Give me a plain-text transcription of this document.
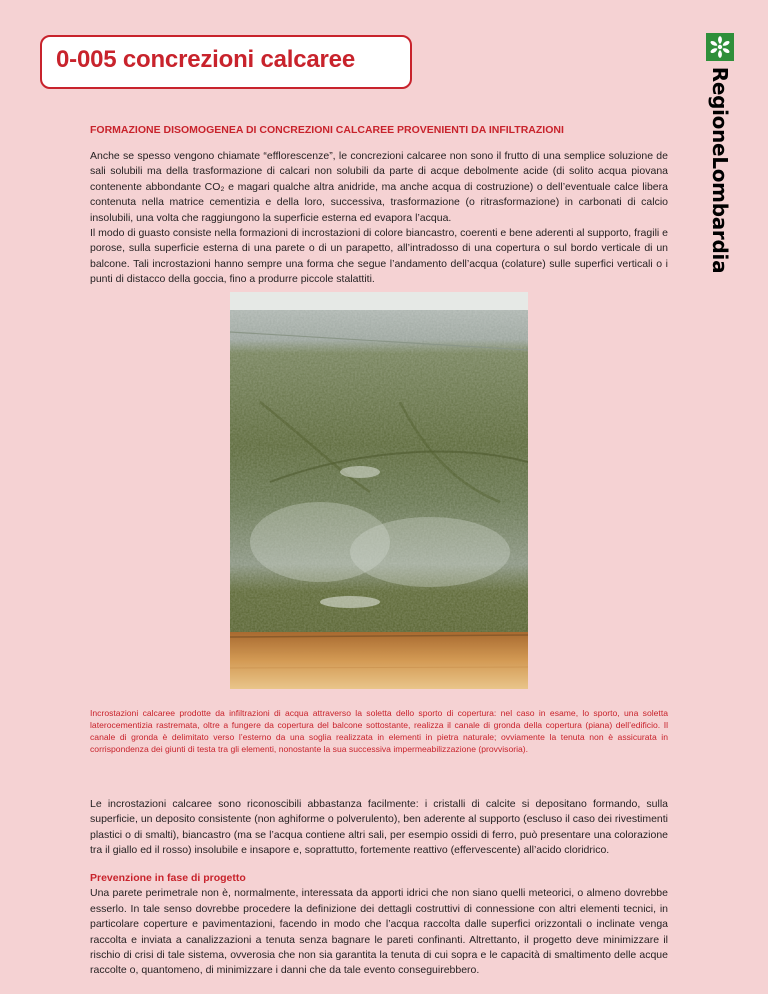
0-005 concrezioni calcaree
RegioneLombardia
FORMAZIONE DISOMOGENEA DI CONCREZIONI CALCAREE PROVENIENTI DA INFILTRAZIONI

Anche se spesso vengono chiamate “efflorescenze”, le concrezioni calcaree non sono il frutto di una semplice soluzione de sali solubili ma della trasformazione di calcari non solubili da parte di acque debolmente acide (di solito acqua piovana contenente abbondante CO₂ e magari qualche altra anidride, ma anche acqua di costruzione) o dell’eventuale calce libera contenuta nella matrice cementizia e della loro, successiva, trasformazione (o ritrasformazione) in carbonati di calcio insolubili, una volta che raggiungono la superficie esterna ed evapora l’acqua.

Il modo di guasto consiste nella formazioni di incrostazioni di colore biancastro, coerenti e bene aderenti al supporto, fragili e porose, sulla superficie esterna di una parete o di un parapetto, all’intradosso di una copertura o sul bordo verticale di un balcone. Tali incrostazioni hanno sempre una forma che segue l’andamento dell’acqua (colature) sulle superfici verticali o i punti di distacco della goccia, fino a produrre piccole stalattiti.

Incrostazioni calcaree prodotte da infiltrazioni di acqua attraverso la soletta dello sporto di copertura: nel caso in esame, lo sporto, una soletta laterocementizia rastremata, oltre a fungere da copertura del balcone sottostante, realizza il canale di gronda della copertura (piana) dell’edificio. Il canale di gronda è delimitato verso l’esterno da una soglia realizzata in elementi in pietra naturale; ovviamente la tenuta non è assicurata in corrispondenza dei giunti di testa tra gli elementi, nonostante la sua successiva impermeabilizzazione (provvisoria).

Le incrostazioni calcaree sono riconoscibili abbastanza facilmente: i cristalli di calcite si depositano formando, sulla superficie, un deposito consistente (non aghiforme o polverulento), ben aderente al supporto (escluso il caso dei rivestimenti plastici o di smalti), biancastro (ma se l’acqua contiene altri sali, per esempio ossidi di ferro, può presentare una colorazione tra il giallo ed il rosso) insolubile e insapore e, soprattutto, fortemente reattivo (effervescente) all’acido cloridrico.

Prevenzione in fase di progetto

Una parete perimetrale non è, normalmente, interessata da apporti idrici che non siano quelli meteorici, o almeno dovrebbe esserlo. In tale senso dovrebbe procedere la definizione dei dettagli costruttivi di connessione con altri elementi tecnici, in particolare coperture e pavimentazioni, facendo in modo che l’acqua raccolta dalle superfici orizzontali o inclinate venga raccolta e inviata a canalizzazioni a tenuta senza bagnare le pareti confinanti. Altrettanto, il progetto deve minimizzare il rischio di crisi di tale sistema, ovverosia che non sia garantita la tenuta di cui sopra e le capacità di smaltimento delle acque raccolte o, quantomeno, di minimizzare i danni che da tale evento conseguirebbero.
